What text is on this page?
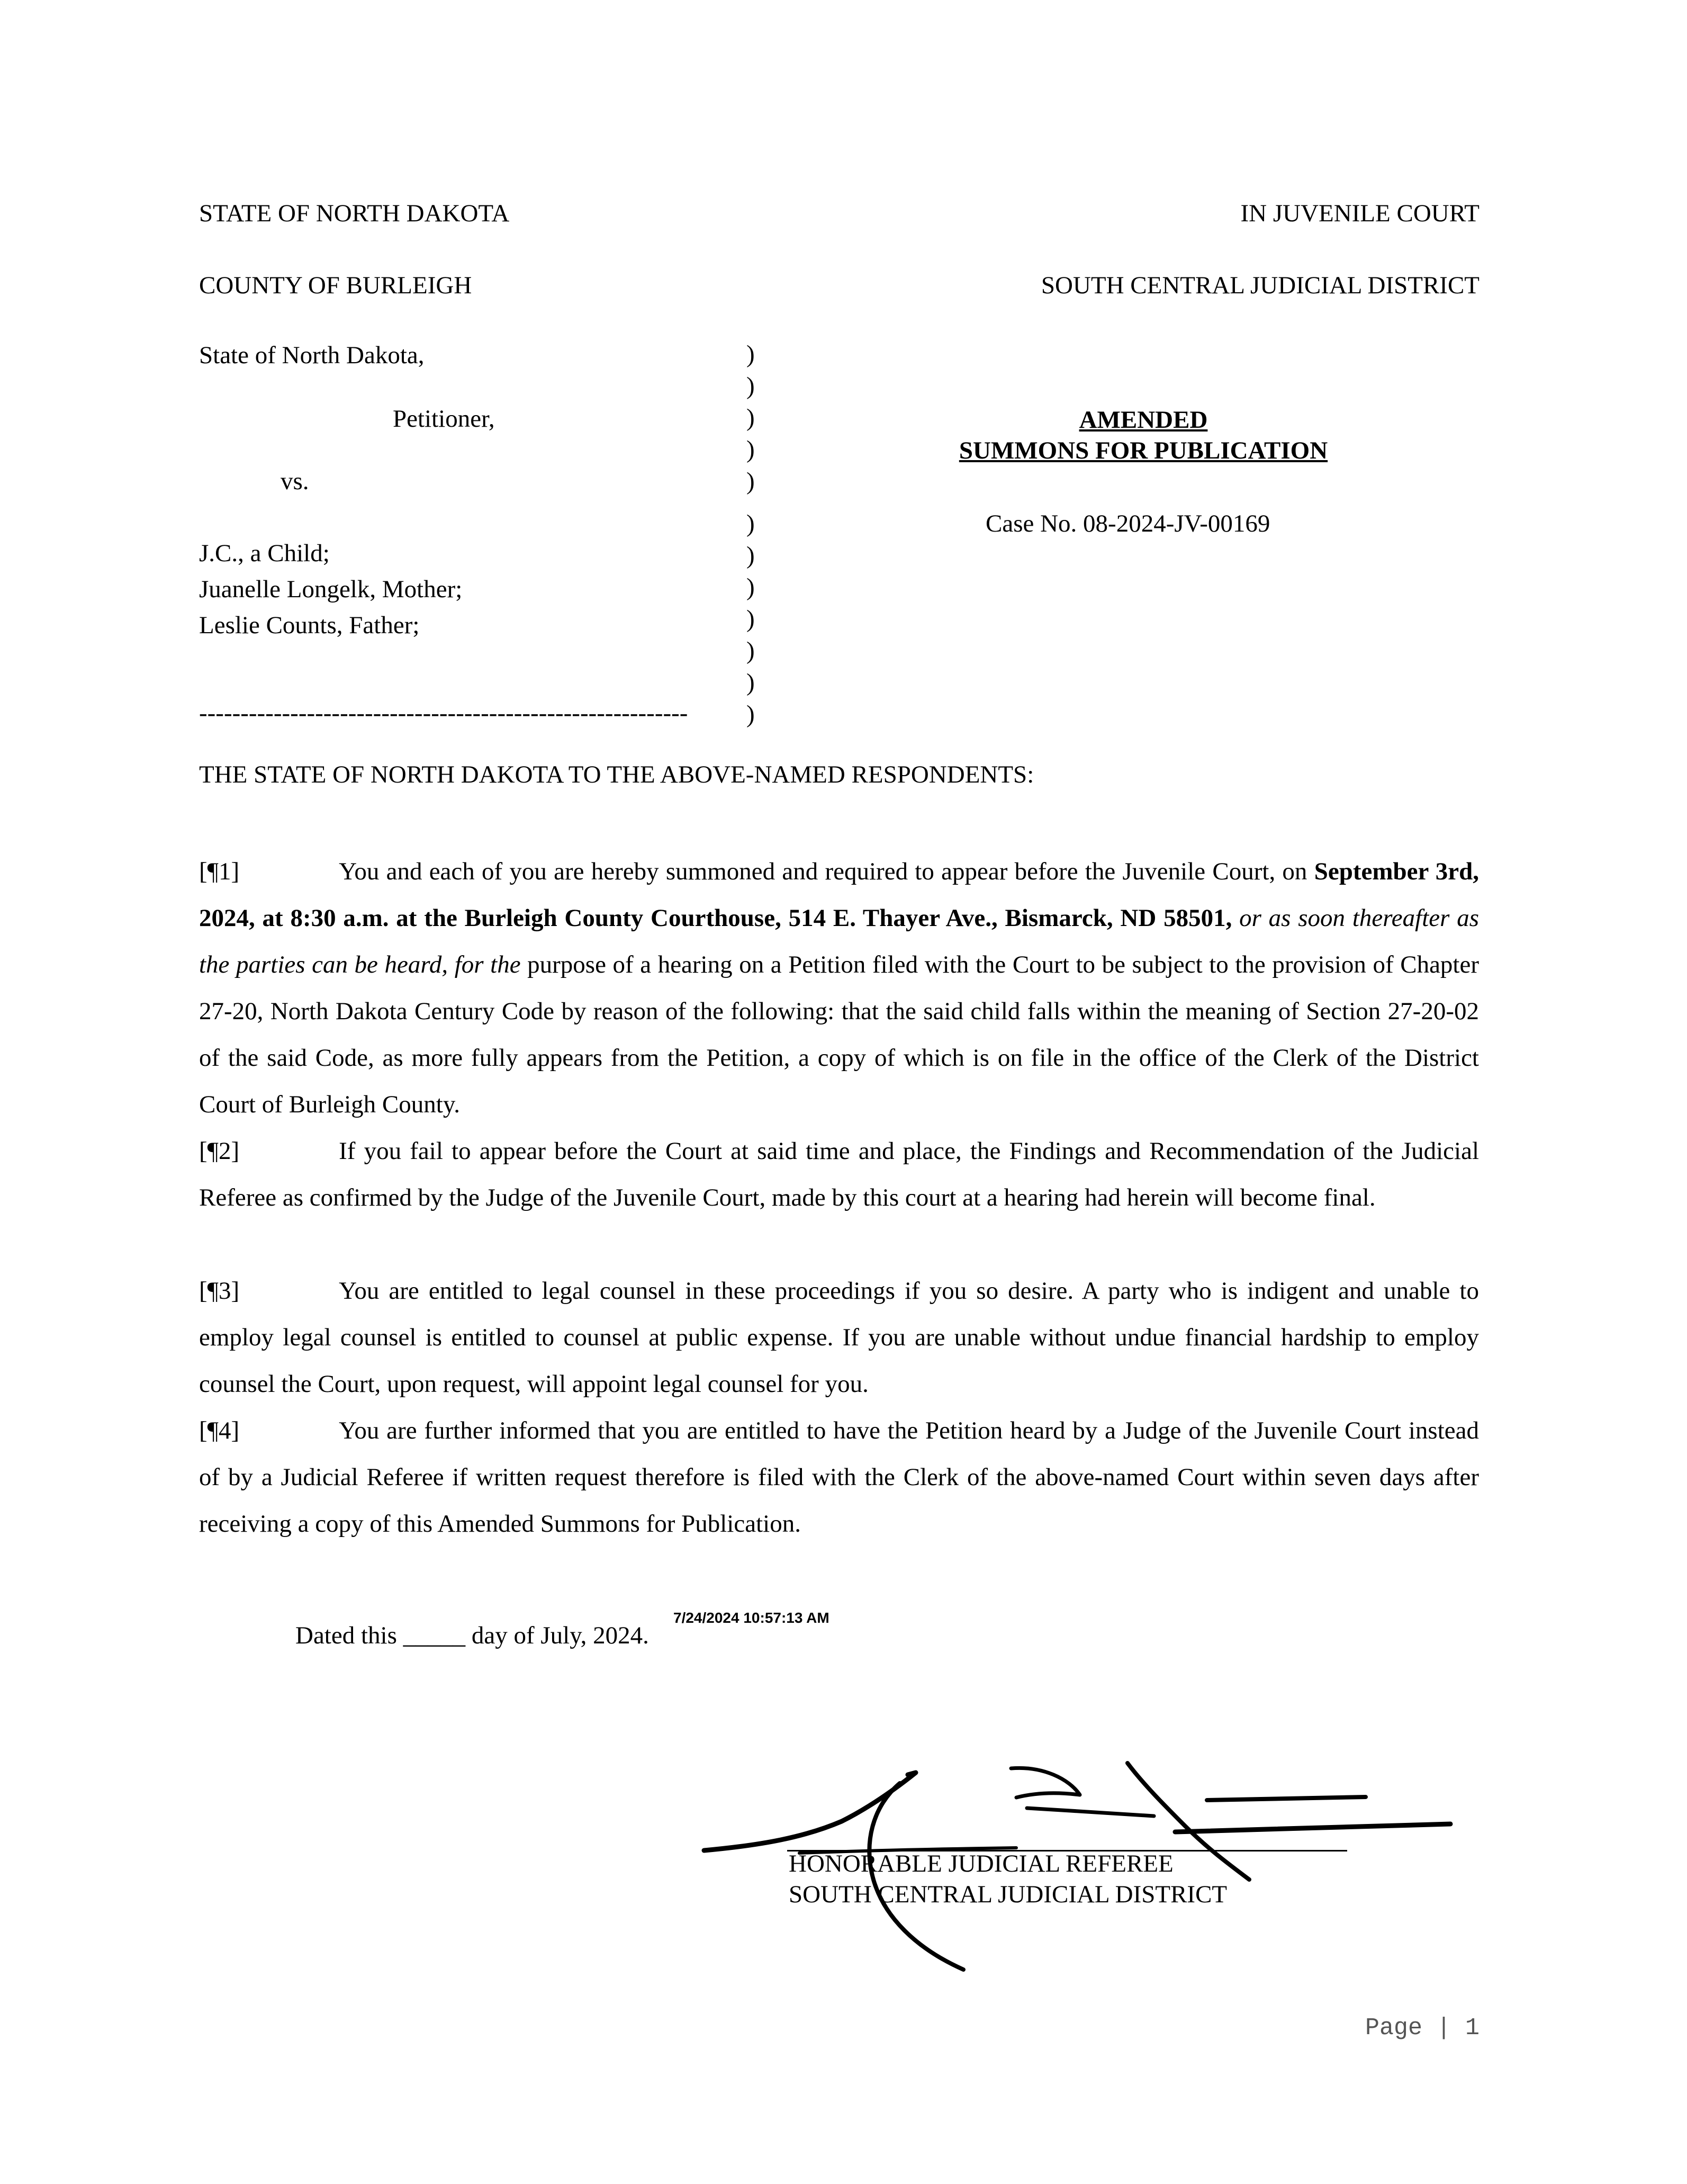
STATE OF NORTH DAKOTA	IN JUVENILE COURT
COUNTY OF BURLEIGH	SOUTH CENTRAL JUDICIAL DISTRICT
State of North Dakota,
Petitioner,
vs.
J.C., a Child;
Juanelle Longelk, Mother;
Leslie Counts, Father;
-----------------------------------------------------------
)
)
)
)
)
)
)
)
)
)
)
)
AMENDED
SUMMONS FOR PUBLICATION
Case No. 08-2024-JV-00169
THE STATE OF NORTH DAKOTA TO THE ABOVE-NAMED RESPONDENTS:
[¶1]	You and each of you are hereby summoned and required to appear before the Juvenile Court, on September 3rd, 2024, at 8:30 a.m. at the Burleigh County Courthouse, 514 E. Thayer Ave., Bismarck, ND 58501, or as soon thereafter as the parties can be heard, for the purpose of a hearing on a Petition filed with the Court to be subject to the provision of Chapter 27-20, North Dakota Century Code by reason of the following: that the said child falls within the meaning of Section 27-20-02 of the said Code, as more fully appears from the Petition, a copy of which is on file in the office of the Clerk of the District Court of Burleigh County.
[¶2]	If you fail to appear before the Court at said time and place, the Findings and Recommendation of the Judicial Referee as confirmed by the Judge of the Juvenile Court, made by this court at a hearing had herein will become final.
[¶3]	You are entitled to legal counsel in these proceedings if you so desire. A party who is indigent and unable to employ legal counsel is entitled to counsel at public expense. If you are unable without undue financial hardship to employ counsel the Court, upon request, will appoint legal counsel for you.
[¶4]	You are further informed that you are entitled to have the Petition heard by a Judge of the Juvenile Court instead of by a Judicial Referee if written request therefore is filed with the Clerk of the above-named Court within seven days after receiving a copy of this Amended Summons for Publication.
Dated this _____ day of July, 2024.
7/24/2024 10:57:13 AM
HONORABLE JUDICIAL REFEREE
SOUTH CENTRAL JUDICIAL DISTRICT
Page | 1
